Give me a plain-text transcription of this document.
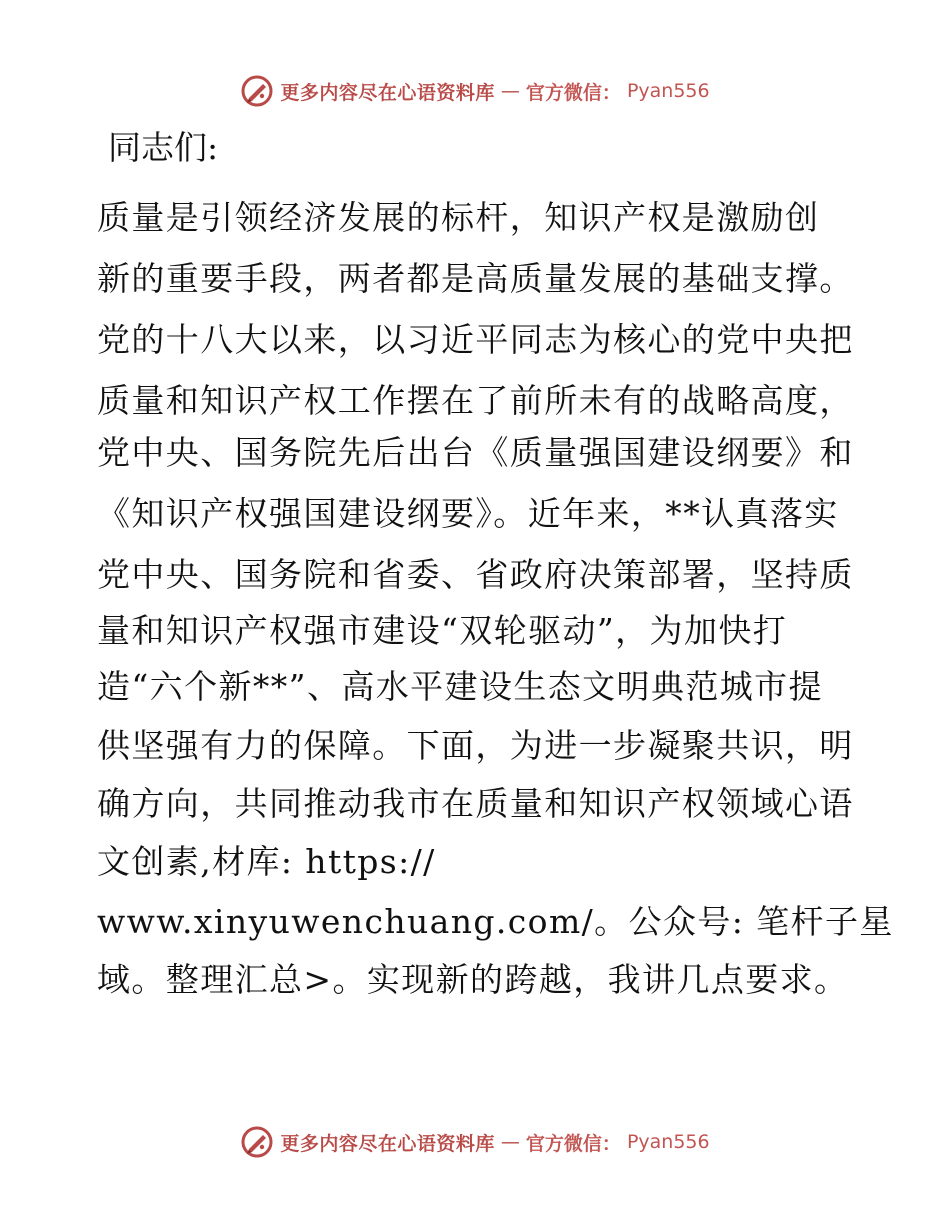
更多内容尽在心语资料库 — 官方微信： Pyan556
同志们:
质量是引领经济发展的标杆，知识产权是激励创
新的重要手段，两者都是高质量发展的基础支撑。
党的十八大以来，以习近平同志为核心的党中央把
质量和知识产权工作摆在了前所未有的战略高度，
党中央、国务院先后出台《质量强国建设纲要》和
《知识产权强国建设纲要》。近年来，**认真落实
党中央、国务院和省委、省政府决策部署，坚持质
量和知识产权强市建设“双轮驱动”，为加快打
造“六个新**”、高水平建设生态文明典范城市提
供坚强有力的保障。下面，为进一步凝聚共识，明
确方向，共同推动我市在质量和知识产权领域心语
文创素,材库: https://
www.xinyuwenchuang.com/。公众号: 笔杆子星
域。整理汇总>。实现新的跨越，我讲几点要求。
更多内容尽在心语资料库 — 官方微信： Pyan556
